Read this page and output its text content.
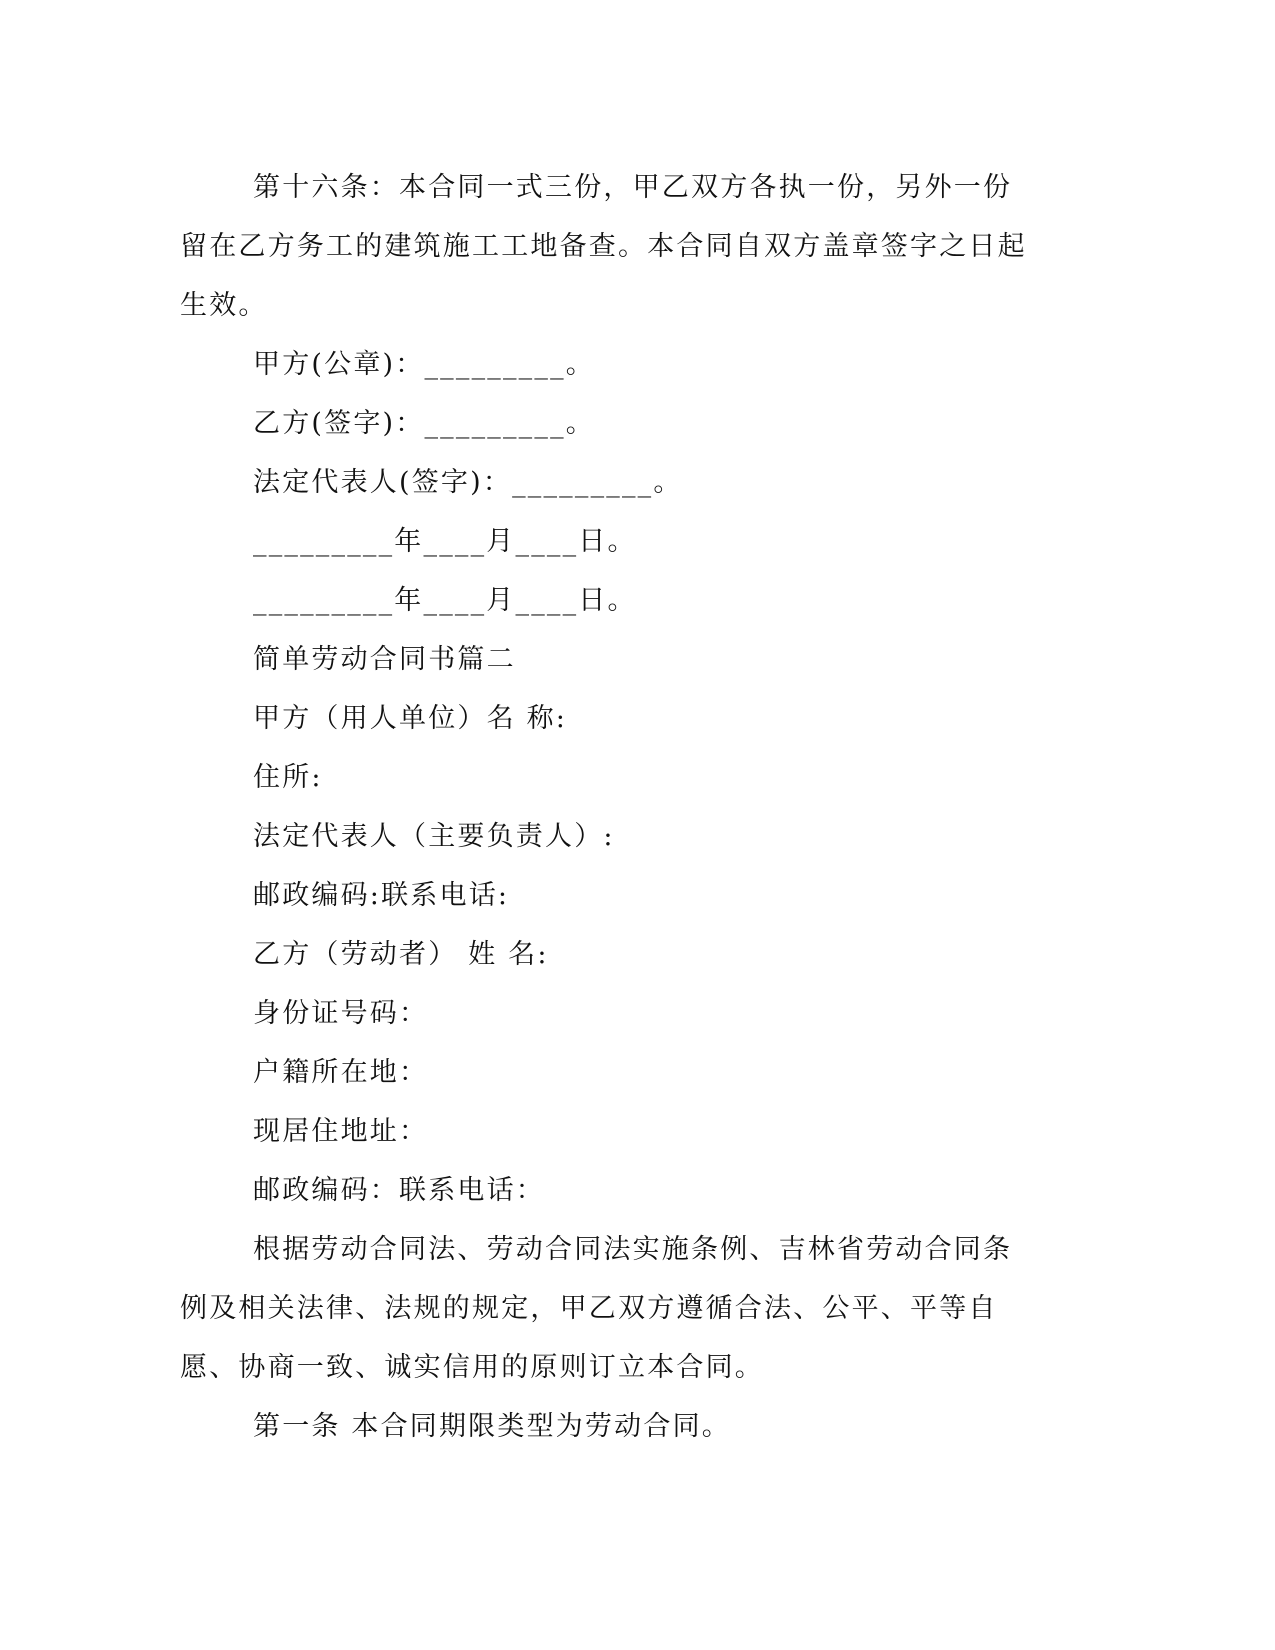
第十六条：本合同一式三份，甲乙双方各执一份，另外一份留在乙方务工的建筑施工工地备查。本合同自双方盖章签字之日起生效。

甲方(公章)：_________。

乙方(签字)：_________。

法定代表人(签字)：_________。

_________年____月____日。

_________年____月____日。

简单劳动合同书篇二

甲方（用人单位）名 称:

住所:

法定代表人（主要负责人）:

邮政编码:联系电话:

乙方（劳动者） 姓 名:

身份证号码：

户籍所在地：

现居住地址：

邮政编码：联系电话：

根据劳动合同法、劳动合同法实施条例、吉林省劳动合同条例及相关法律、法规的规定，甲乙双方遵循合法、公平、平等自愿、协商一致、诚实信用的原则订立本合同。

第一条 本合同期限类型为劳动合同。
